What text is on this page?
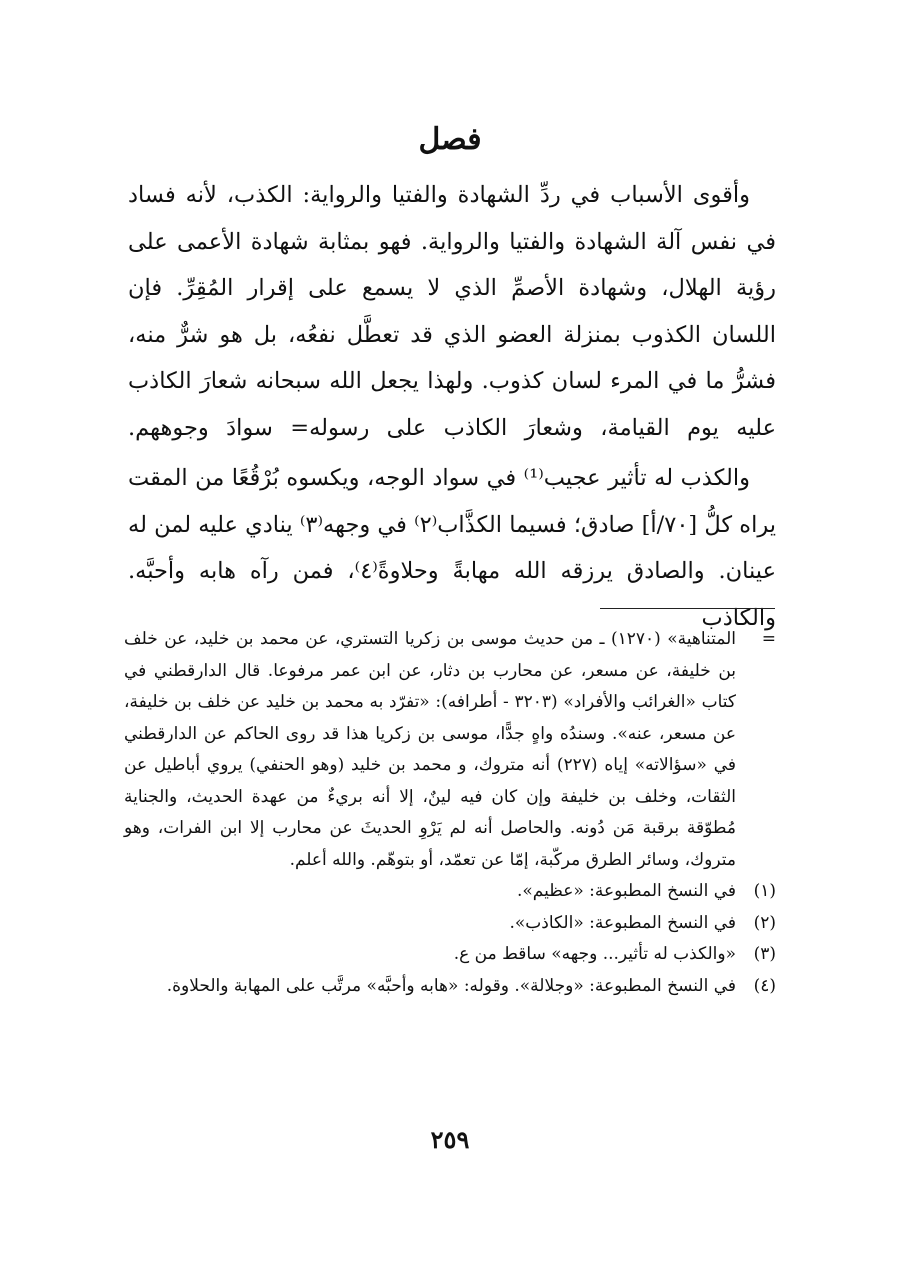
فصل

وأقوى الأسباب في ردِّ الشهادة والفتيا والرواية: الكذب، لأنه فساد في نفس آلة الشهادة والفتيا والرواية. فهو بمثابة شهادة الأعمى على رؤية الهلال، وشهادة الأصمِّ الذي لا يسمع على إقرار المُقِرِّ. فإن اللسان الكذوب بمنزلة العضو الذي قد تعطَّل نفعُه، بل هو شرٌّ منه، فشرُّ ما في المرء لسان كذوب. ولهذا يجعل الله سبحانه شعارَ الكاذب عليه يوم القيامة، وشعارَ الكاذب على رسوله= سوادَ وجوههم.

والكذب له تأثير عجيب⁽¹⁾ في سواد الوجه، ويكسوه بُرْقُعًا من المقت يراه كلُّ [٧٠/أ] صادق؛ فسيما الكذَّاب⁽٢⁾ في وجهه⁽٣⁾ ينادي عليه لمن له عينان. والصادق يرزقه الله مهابةً وحلاوةً⁽٤⁾، فمن رآه هابه وأحبَّه. والكاذب

=
المتناهية» (١٢٧٠) ـ من حديث موسى بن زكريا التستري، عن محمد بن خليد، عن خلف بن خليفة، عن مسعر، عن محارب بن دثار، عن ابن عمر مرفوعا. قال الدارقطني في كتاب «الغرائب والأفراد» (٣٢٠٣ - أطرافه): «تفرّد به محمد بن خليد عن خلف بن خليفة، عن مسعر، عنه». وسندُه واهٍ جدًّا، موسى بن زكريا هذا قد روى الحاكم عن الدارقطني في «سؤالاته» إياه (٢٢٧) أنه متروك، و محمد بن خليد (وهو الحنفي) يروي أباطيل عن الثقات، وخلف بن خليفة وإن كان فيه لينٌ، إلا أنه بريءٌ من عهدة الحديث، والجناية مُطوّقة برقبة مَن دُونه. والحاصل أنه لم يَرْوِ الحديثَ عن محارب إلا ابن الفرات، وهو متروك، وسائر الطرق مركّبة، إمّا عن تعمّد، أو بتوهّم. والله أعلم.

(١)
في النسخ المطبوعة: «عظيم».

(٢)
في النسخ المطبوعة: «الكاذب».

(٣)
«والكذب له تأثير... وجهه» ساقط من ع.

(٤)
في النسخ المطبوعة: «وجلالة». وقوله: «هابه وأحبَّه» مرتَّب على المهابة والحلاوة.

٢٥٩
